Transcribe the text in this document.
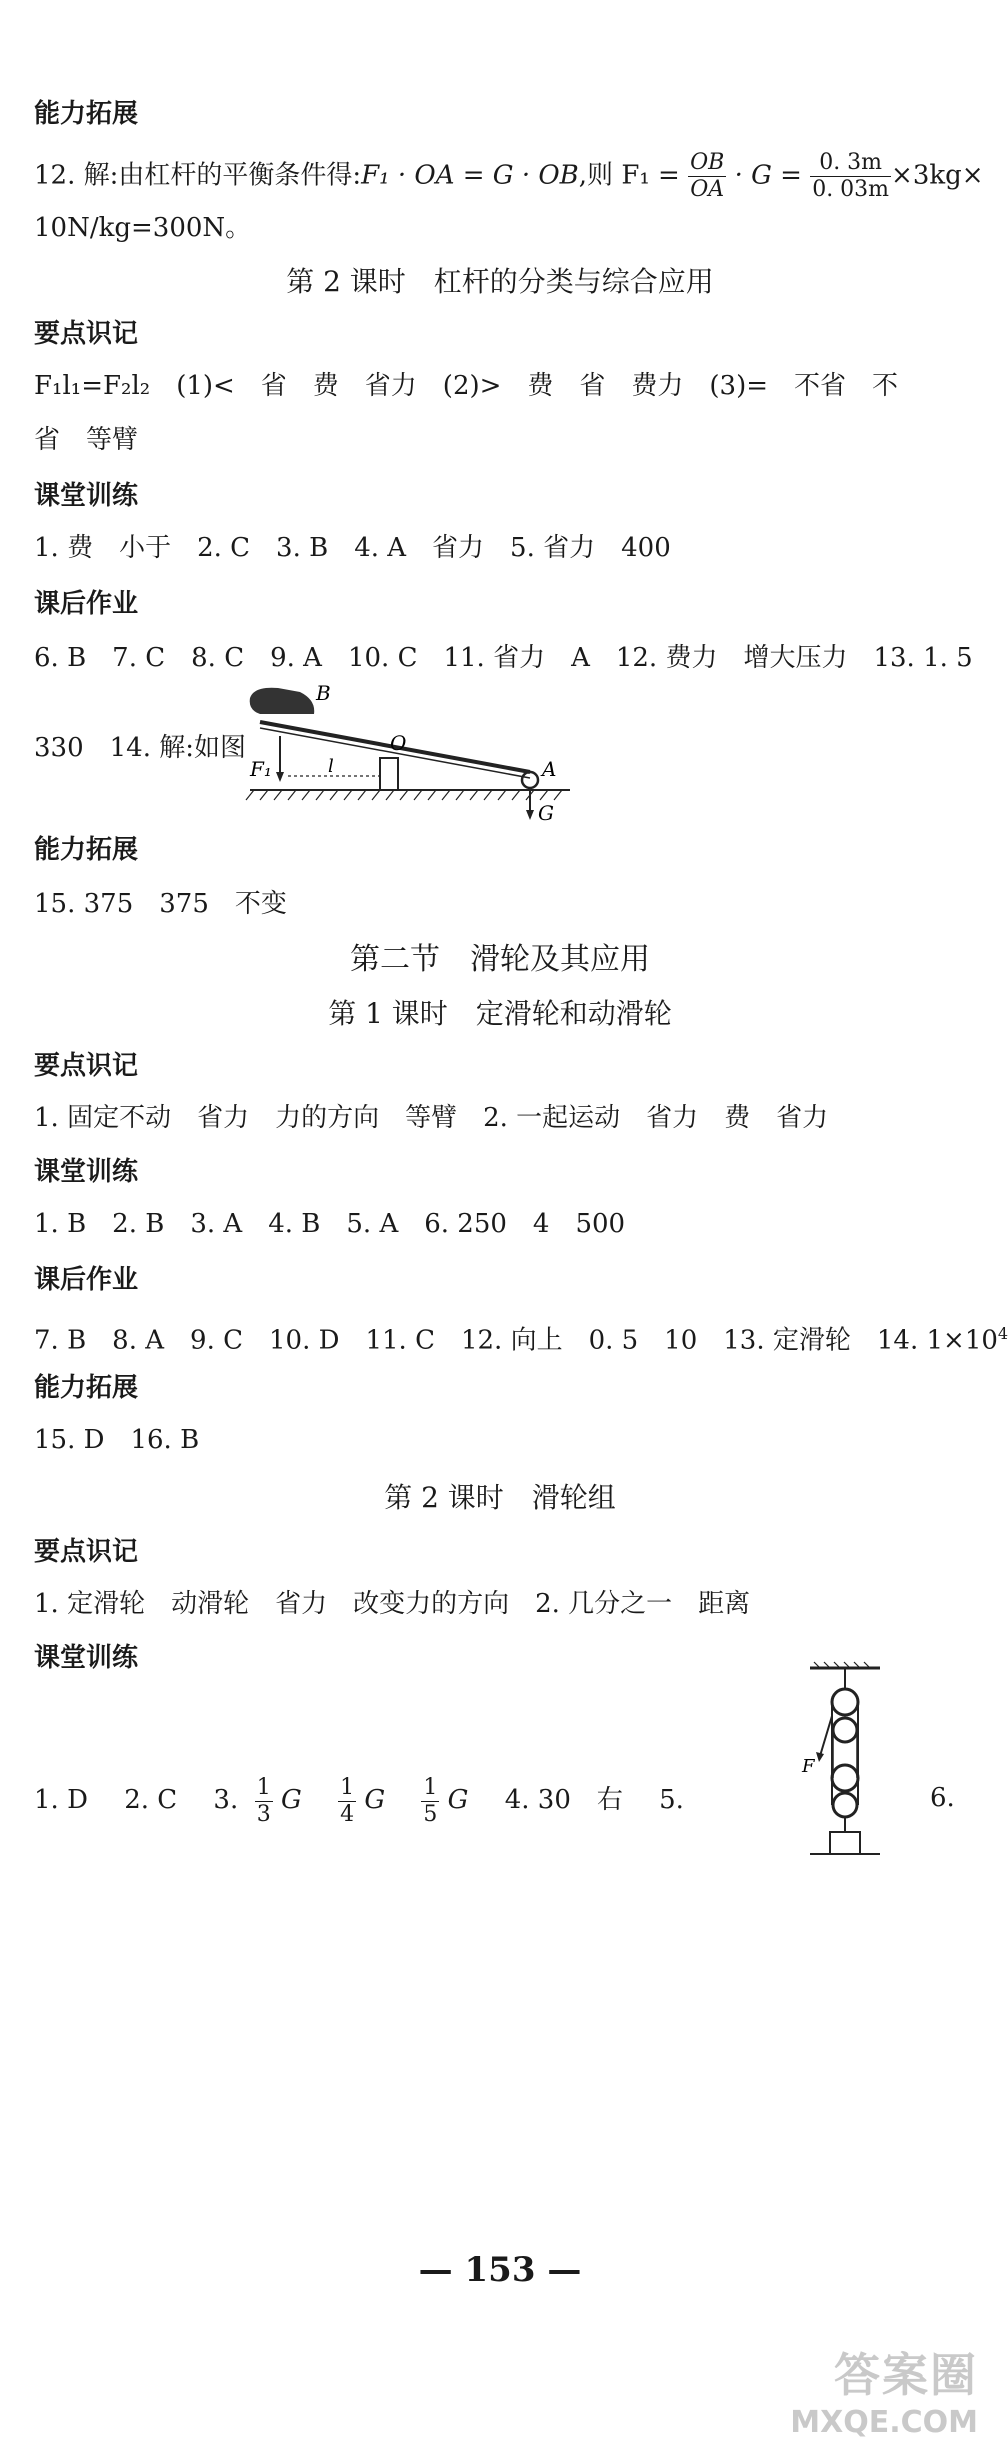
能力拓展
12. 解:由杠杆的平衡条件得:F₁ · OA = G · OB,则 $F_1 = \frac{OB}{OA} \cdot G = \frac{0. 3m}{0. 03m} \times 3kg\times$
10N/kg=300N。
第 2 课时　杠杆的分类与综合应用
要点识记
F₁l₁=F₂l₂　(1)<　省　费　省力　(2)>　费　省　费力　(3)=　不省　不
省　等臂
课堂训练
1. 费　小于　2. C　3. B　4. A　省力　5. 省力　400
课后作业
6. B　7. C　8. C　9. A　10. C　11. 省力　A　12. 费力　增大压力　13. 1. 5
330　14. 解:如图
B
O
F₁	l	A
G
能力拓展
15. 375　375　不变
第二节　滑轮及其应用
第 1 课时　定滑轮和动滑轮
要点识记
1. 固定不动　省力　力的方向　等臂　2. 一起运动　省力　费　省力
课堂训练
1. B　2. B　3. A　4. B　5. A　6. 250　4　500
课后作业
7. B　8. A　9. C　10. D　11. C　12. 向上　0. 5　10　13. 定滑轮　14. $1\times 10^4$
能力拓展
15. D　16. B
第 2 课时　滑轮组
要点识记
1. 定滑轮　动滑轮　省力　改变力的方向　2. 几分之一　距离
课堂训练
1. D 2. C 3. $\frac{1}{3}$ G $\frac{1}{4}$ G $\frac{1}{5}$ G 4. 30　右 5.	6.
F
— 153 —
答案圈
MXQE.COM
